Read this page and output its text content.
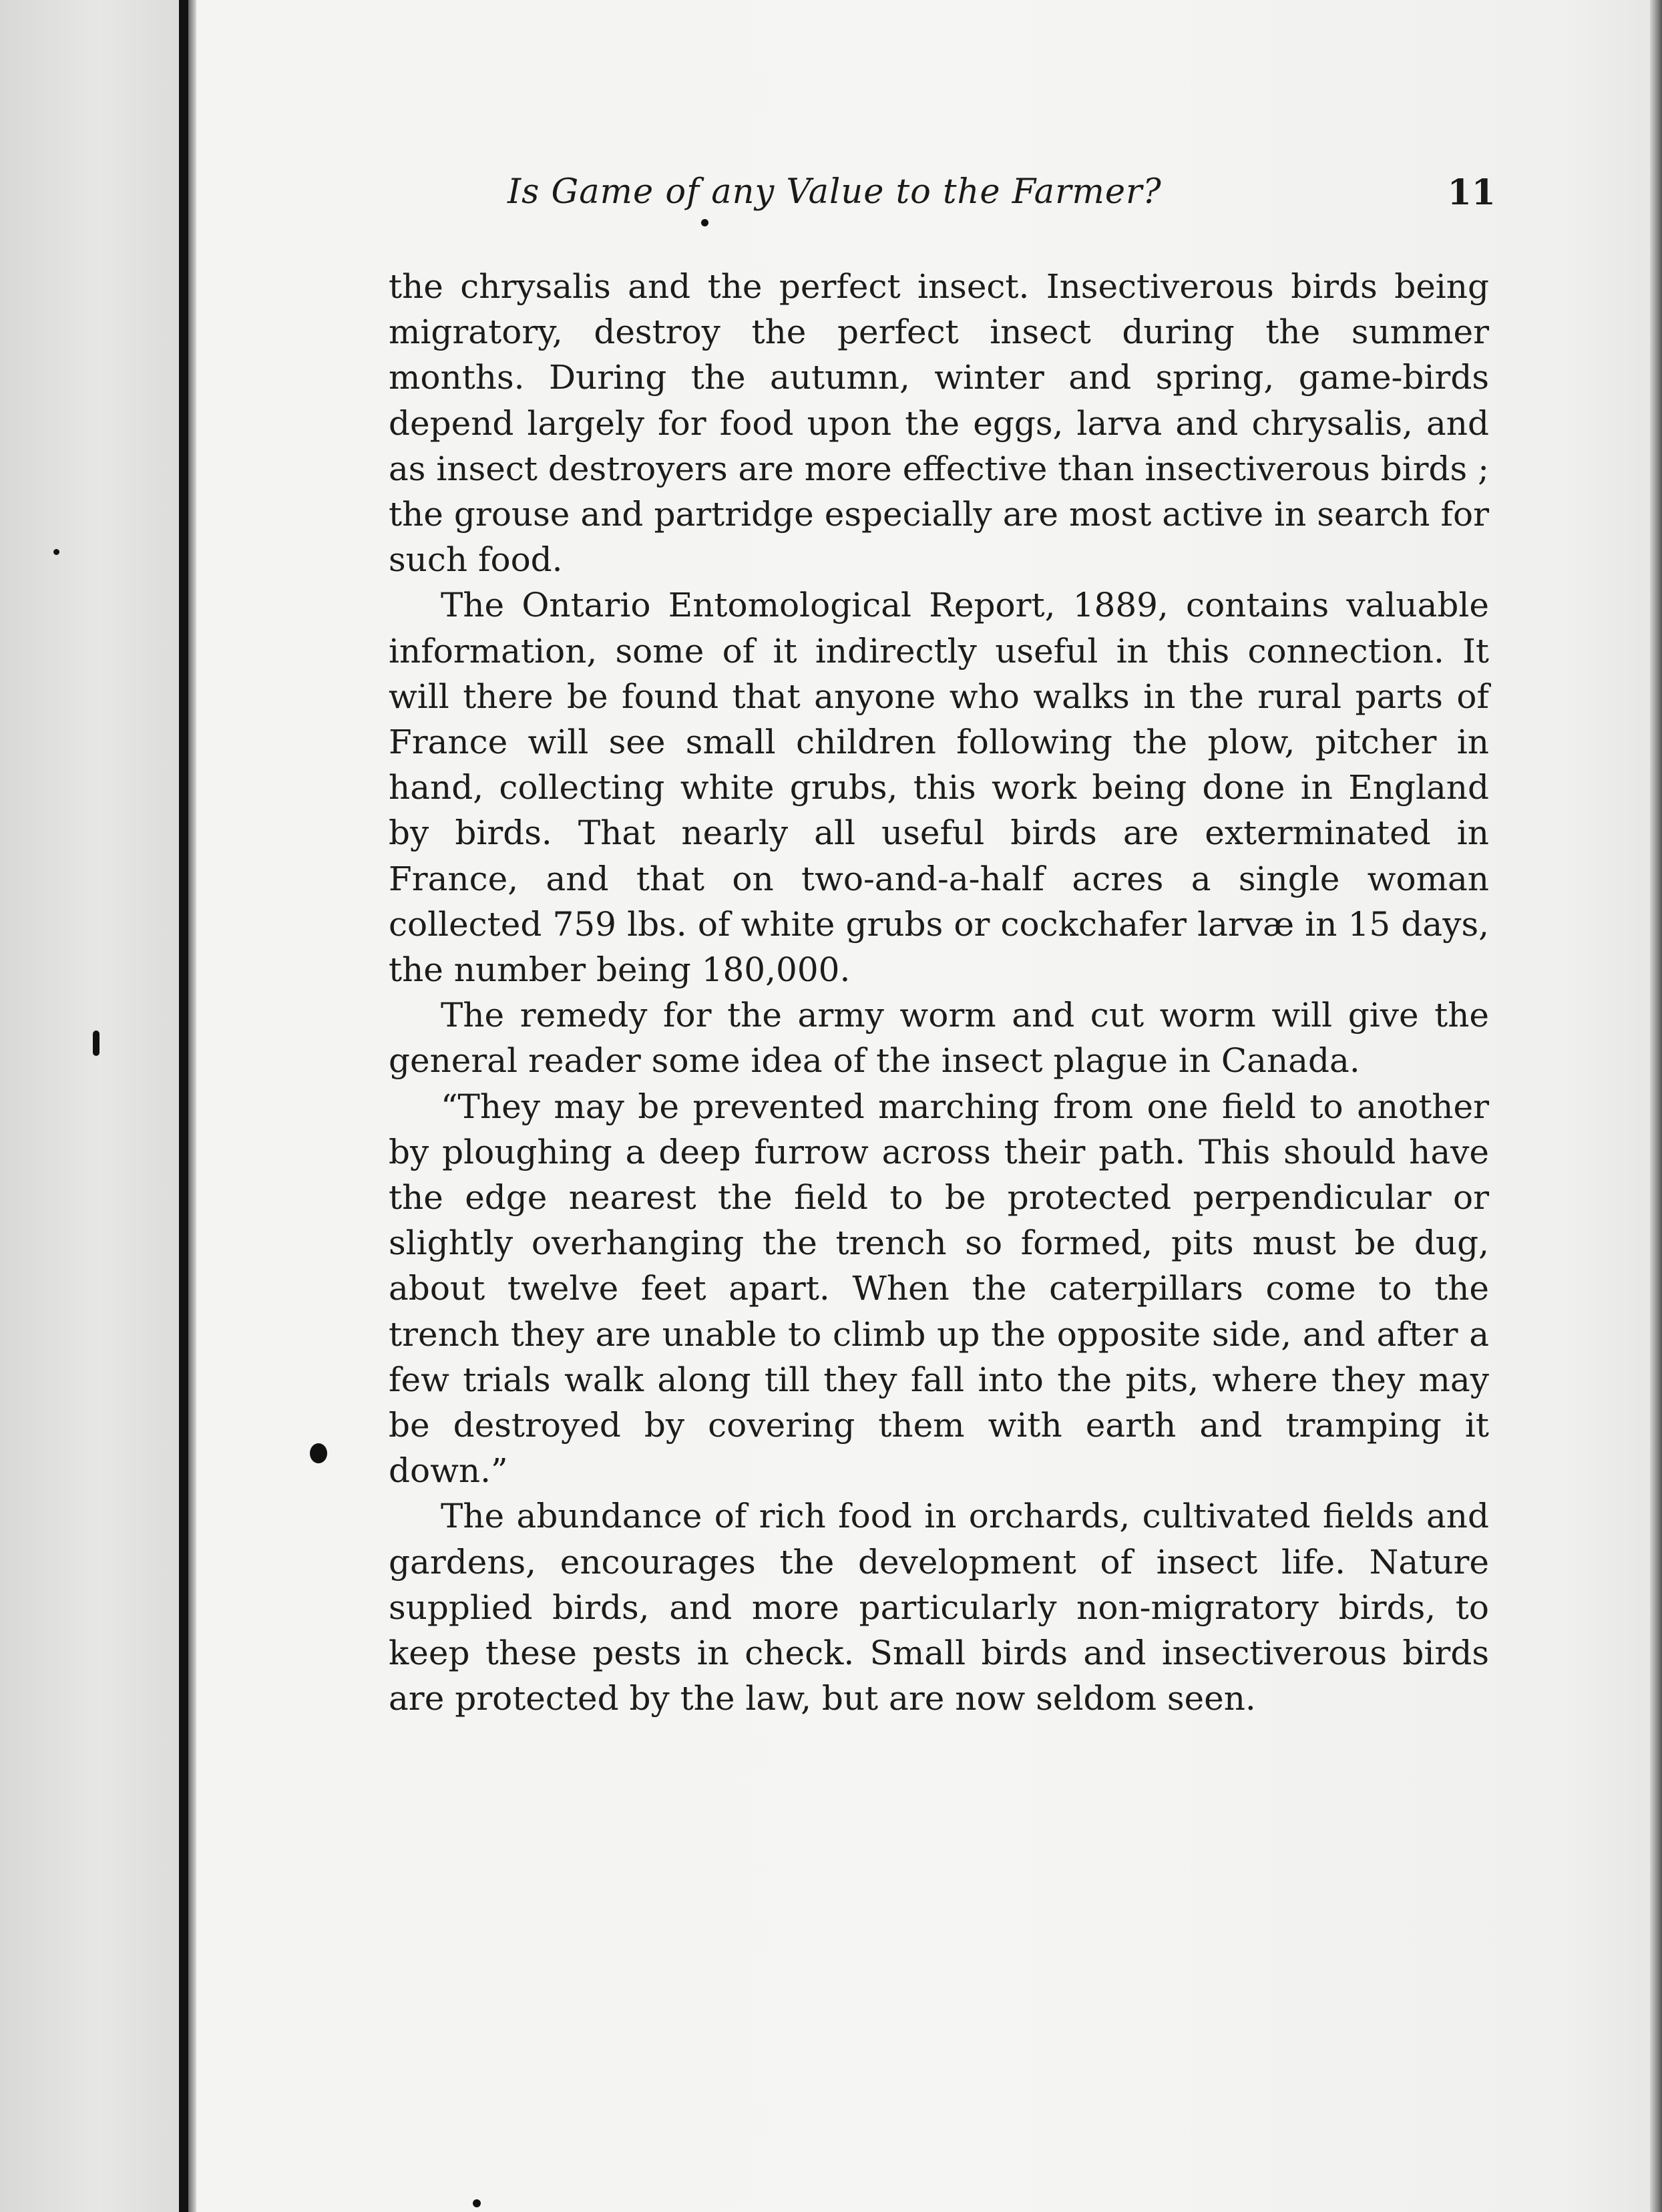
Is Game of any Value to the Farmer?	11

the chrysalis and the perfect insect. Insectiverous birds being migratory, destroy the perfect insect during the summer months. During the autumn, winter and spring, game-birds depend largely for food upon the eggs, larva and chrysalis, and as insect destroyers are more effective than insectiverous birds ; the grouse and partridge especially are most active in search for such food.

The Ontario Entomological Report, 1889, contains valuable information, some of it indirectly useful in this connection. It will there be found that anyone who walks in the rural parts of France will see small children following the plow, pitcher in hand, collecting white grubs, this work being done in England by birds. That nearly all useful birds are exterminated in France, and that on two-and-a-half acres a single woman collected 759 lbs. of white grubs or cockchafer larvæ in 15 days, the number being 180,000.

The remedy for the army worm and cut worm will give the general reader some idea of the insect plague in Canada.

“They may be prevented marching from one field to another by ploughing a deep furrow across their path. This should have the edge nearest the field to be protected perpendicular or slightly overhanging the trench so formed, pits must be dug, about twelve feet apart. When the caterpillars come to the trench they are unable to climb up the opposite side, and after a few trials walk along till they fall into the pits, where they may be destroyed by covering them with earth and tramping it down.”

The abundance of rich food in orchards, cultivated fields and gardens, encourages the development of insect life. Nature supplied birds, and more particularly non-migratory birds, to keep these pests in check. Small birds and insectiverous birds are protected by the law, but are now seldom seen.
